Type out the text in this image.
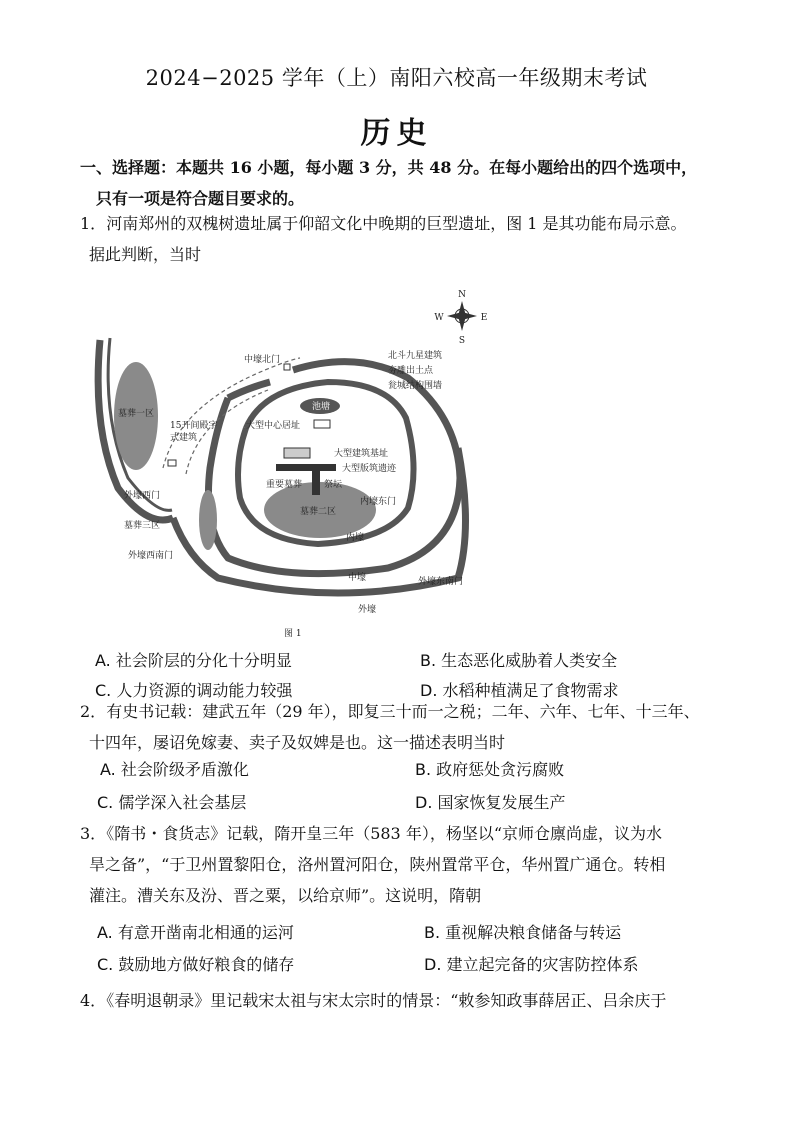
2024−2025 学年（上）南阳六校高一年级期末考试
历史
一、选择题：本题共 16 小题，每小题 3 分，共 48 分。在每小题给出的四个选项中，
只有一项是符合题目要求的。
1．河南郑州的双槐树遗址属于仰韶文化中晚期的巨型遗址，图 1 是其功能布局示意。
据此判断，当时
N
S
E
W
中壕北门	北斗九星建筑
夯雕出土点
瓮城结构围墙
墓葬一区
15开间殿宇
式建筑
池塘
大型中心居址
大型建筑基址
大型版筑遗迹
重要墓葬 祭坛
墓葬二区
内壕东门
外壕西门
墓葬三区
内壕
外壕西南门
中壕	外壕东南门
外壕
图 1
A. 社会阶层的分化十分明显	B. 生态恶化威胁着人类安全
C. 人力资源的调动能力较强	D. 水稻种植满足了食物需求
2．有史书记载：建武五年（29 年），即复三十而一之税；二年、六年、七年、十三年、
十四年，屡诏免嫁妻、卖子及奴婢是也。这一描述表明当时
A. 社会阶级矛盾激化	B. 政府惩处贪污腐败
C. 儒学深入社会基层	D. 国家恢复发展生产
3．《隋书・食货志》记载，隋开皇三年（583 年），杨坚以“京师仓廪尚虚，议为水
旱之备”，“于卫州置黎阳仓，洛州置河阳仓，陕州置常平仓，华州置广通仓。转相
灌注。漕关东及汾、晋之粟，以给京师”。这说明，隋朝
A. 有意开凿南北相通的运河	B. 重视解决粮食储备与转运
C. 鼓励地方做好粮食的储存	D. 建立起完备的灾害防控体系
4．《春明退朝录》里记载宋太祖与宋太宗时的情景：“敕参知政事薛居正、吕余庆于
